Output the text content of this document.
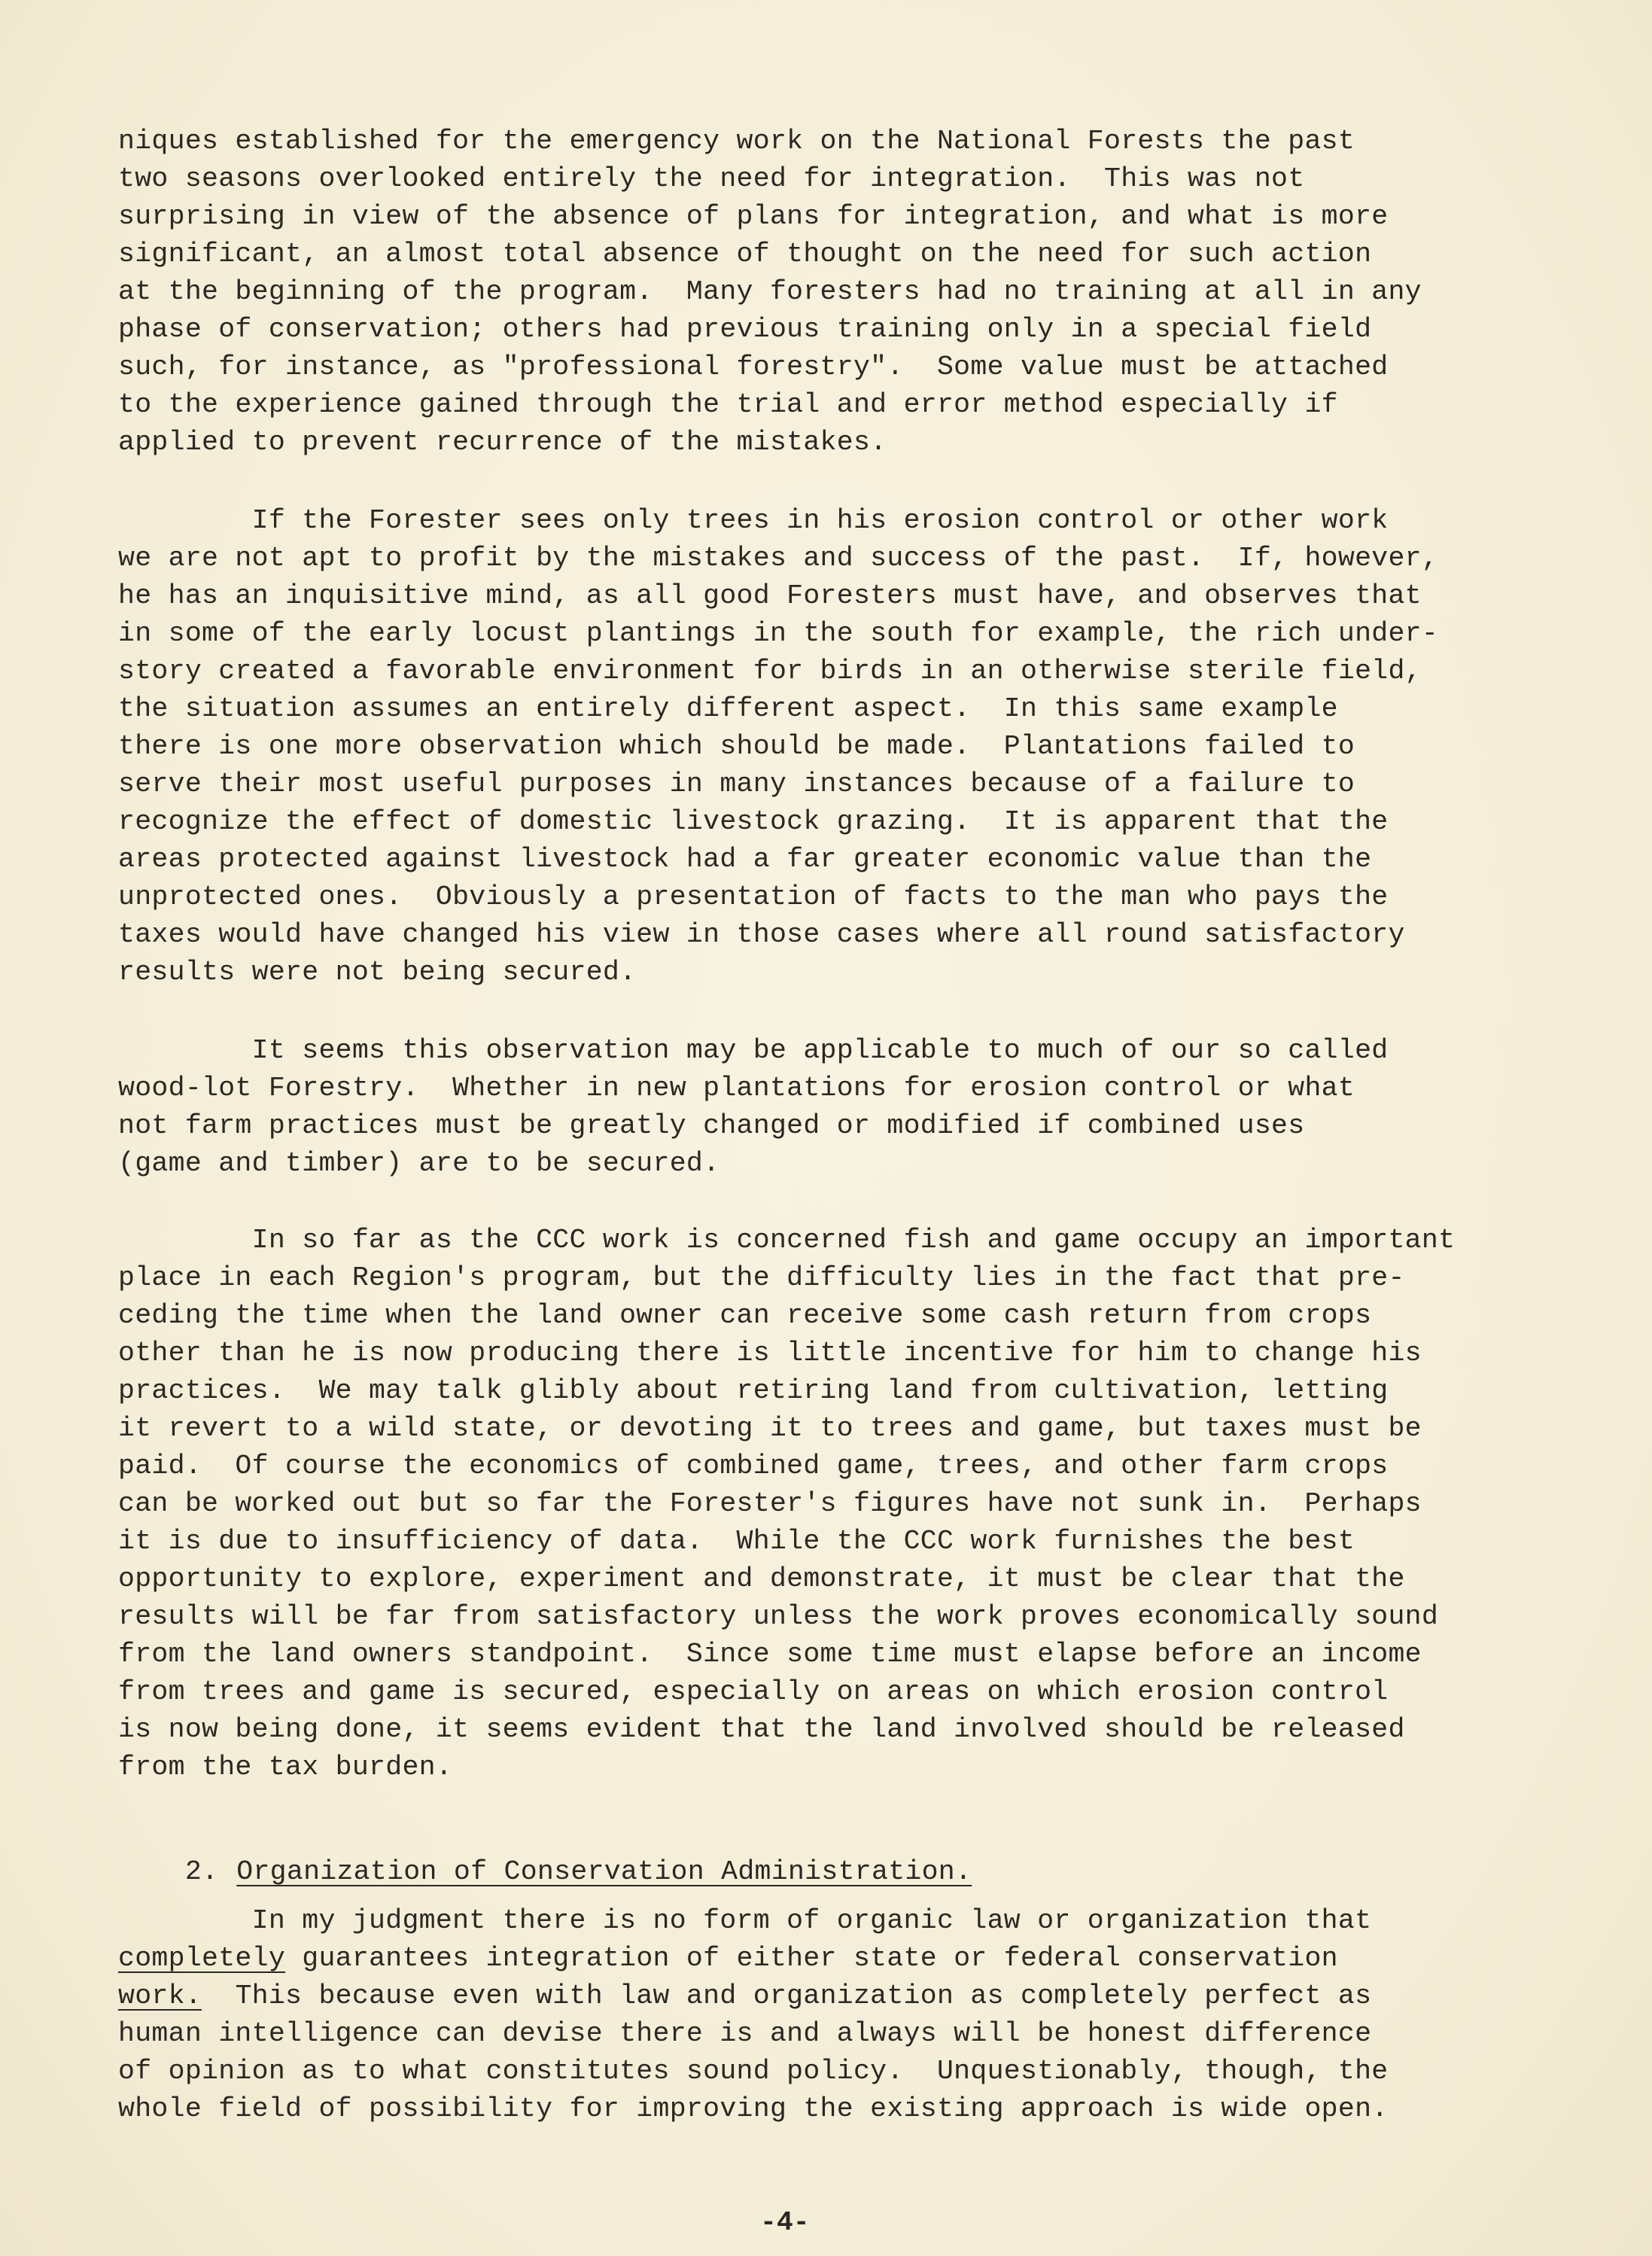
niques established for the emergency work on the National Forests the past

two seasons overlooked entirely the need for integration.  This was not

surprising in view of the absence of plans for integration, and what is more

significant, an almost total absence of thought on the need for such action

at the beginning of the program.  Many foresters had no training at all in any

phase of conservation; others had previous training only in a special field

such, for instance, as "professional forestry".  Some value must be attached

to the experience gained through the trial and error method especially if

applied to prevent recurrence of the mistakes.

If the Forester sees only trees in his erosion control or other work

we are not apt to profit by the mistakes and success of the past.  If, however,

he has an inquisitive mind, as all good Foresters must have, and observes that

in some of the early locust plantings in the south for example, the rich under-

story created a favorable environment for birds in an otherwise sterile field,

the situation assumes an entirely different aspect.  In this same example

there is one more observation which should be made.  Plantations failed to

serve their most useful purposes in many instances because of a failure to

recognize the effect of domestic livestock grazing.  It is apparent that the

areas protected against livestock had a far greater economic value than the

unprotected ones.  Obviously a presentation of facts to the man who pays the

taxes would have changed his view in those cases where all round satisfactory

results were not being secured.

It seems this observation may be applicable to much of our so called

wood-lot Forestry.  Whether in new plantations for erosion control or what

not farm practices must be greatly changed or modified if combined uses

(game and timber) are to be secured.

In so far as the CCC work is concerned fish and game occupy an important

place in each Region's program, but the difficulty lies in the fact that pre-

ceding the time when the land owner can receive some cash return from crops

other than he is now producing there is little incentive for him to change his

practices.  We may talk glibly about retiring land from cultivation, letting

it revert to a wild state, or devoting it to trees and game, but taxes must be

paid.  Of course the economics of combined game, trees, and other farm crops

can be worked out but so far the Forester's figures have not sunk in.  Perhaps

it is due to insufficiency of data.  While the CCC work furnishes the best

opportunity to explore, experiment and demonstrate, it must be clear that the

results will be far from satisfactory unless the work proves economically sound

from the land owners standpoint.  Since some time must elapse before an income

from trees and game is secured, especially on areas on which erosion control

is now being done, it seems evident that the land involved should be released

from the tax burden.

2. Organization of Conservation Administration.

In my judgment there is no form of organic law or organization that

completely guarantees integration of either state or federal conservation

work.  This because even with law and organization as completely perfect as

human intelligence can devise there is and always will be honest difference

of opinion as to what constitutes sound policy.  Unquestionably, though, the

whole field of possibility for improving the existing approach is wide open.

-4-
